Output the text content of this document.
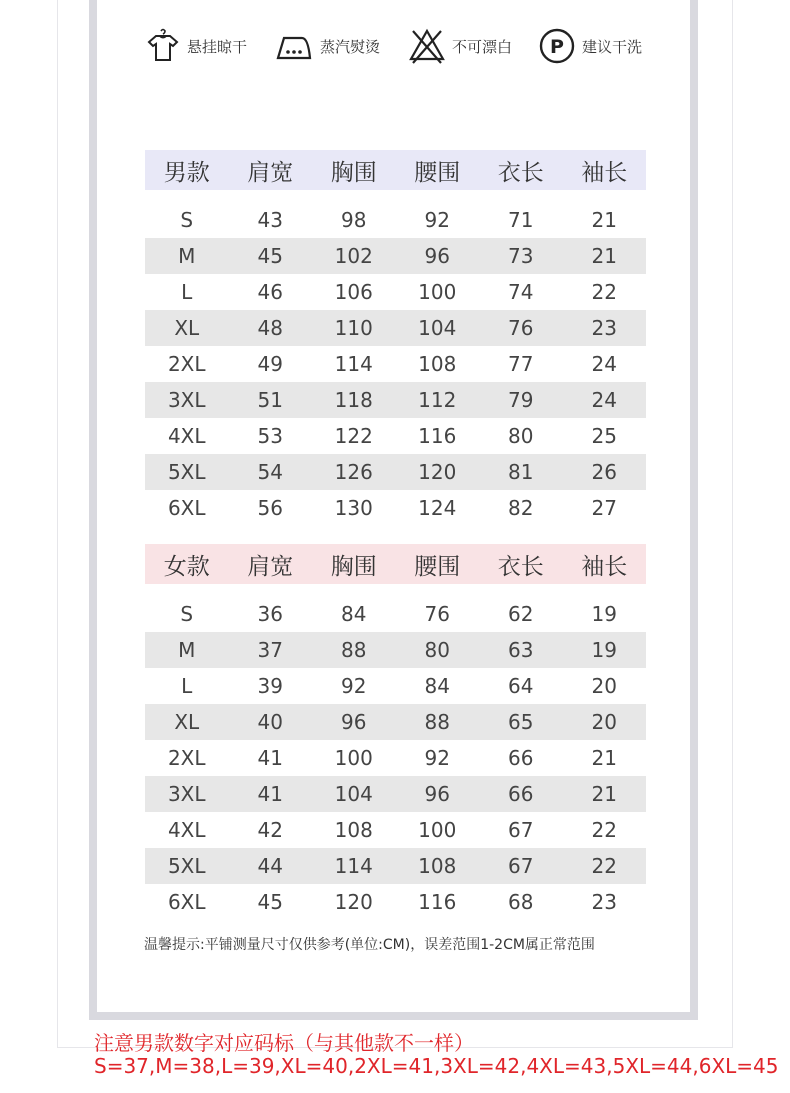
悬挂晾干	蒸汽熨烫	不可漂白 P 建议干洗
男款	肩宽	胸围	腰围	衣长	袖长
S	43	98	92	71	21
M	45	102	96	73	21
L	46	106	100	74	22
XL	48	110	104	76	23
2XL	49	114	108	77	24
3XL	51	118	112	79	24
4XL	53	122	116	80	25
5XL	54	126	120	81	26
6XL	56	130	124	82	27
女款	肩宽	胸围	腰围	衣长	袖长
S	36	84	76	62	19
M	37	88	80	63	19
L	39	92	84	64	20
XL	40	96	88	65	20
2XL	41	100	92	66	21
3XL	41	104	96	66	21
4XL	42	108	100	67	22
5XL	44	114	108	67	22
6XL	45	120	116	68	23
温馨提示:平铺测量尺寸仅供参考(单位:CM)，误差范围1-2CM属正常范围
注意男款数字对应码标（与其他款不一样）
S=37,M=38,L=39,XL=40,2XL=41,3XL=42,4XL=43,5XL=44,6XL=45
